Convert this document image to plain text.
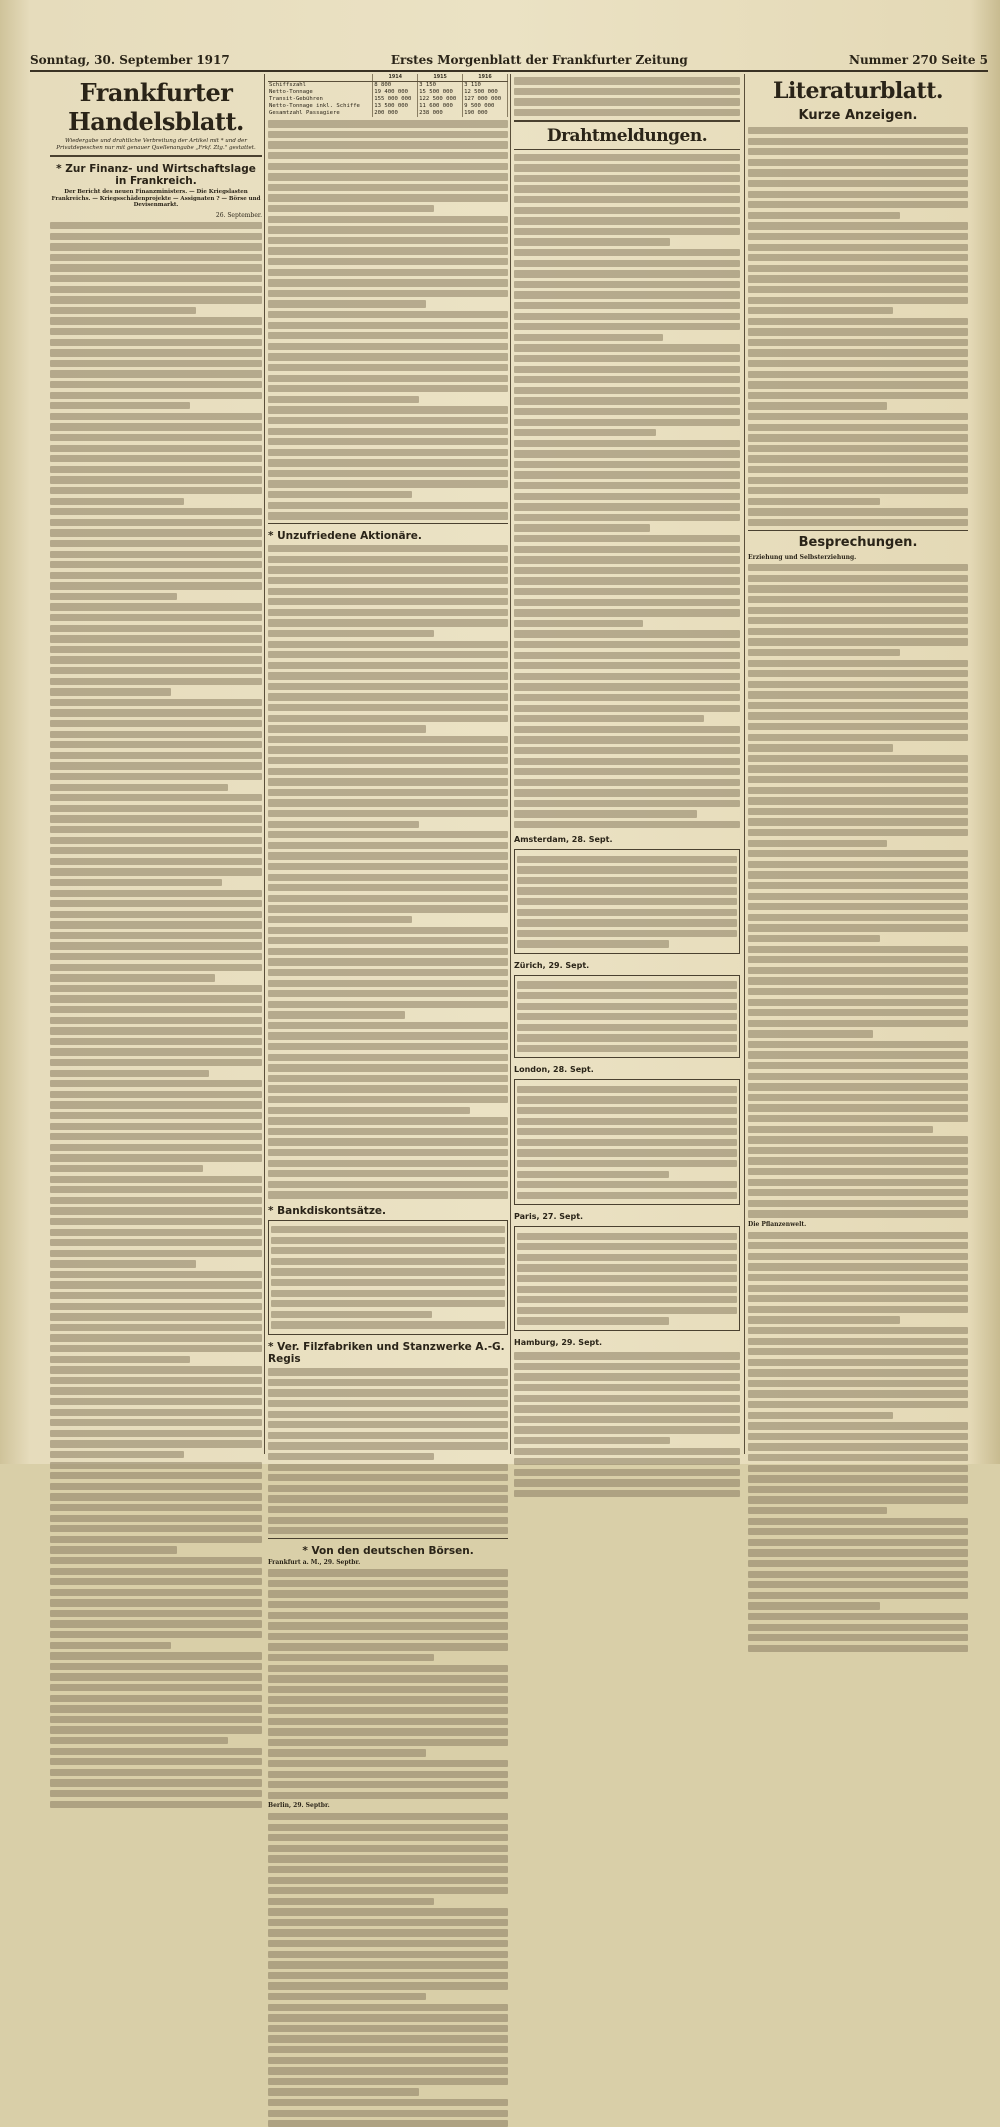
Sonntag, 30. September 1917	Erstes Morgenblatt der Frankfurter Zeitung	Nummer 270 Seite 5
Frankfurter Handelsblatt.
Wiedergabe und drahtliche Verbreitung der Artikel mit * und der Privatdepeschen nur mit genauer Quellenangabe „Frkf. Ztg." gestattet.
* Zur Finanz- und Wirtschaftslage in Frankreich.
Der Bericht des neuen Finanzministers. — Die Kriegslasten Frankreichs. — Kriegsschädenprojekte — Assignaten ? — Börse und Devisenmarkt.
26. September.
	1914	1915	1916
Schiffszahl	8 800	3 150	3 110
Netto-Tonnage	19 400 000	15 500 000	12 500 000
Transit-Gebühren	155 000 000	122 500 000	127 000 000
Netto-Tonnage inkl. Schiffe	13 500 000	11 600 000	9 500 000
Gesamtzahl Passagiere	200 000	238 000	190 000
* Unzufriedene Aktionäre.
* Bankdiskontsätze.
* Ver. Filzfabriken und Stanzwerke A.-G. Regis
* Von den deutschen Börsen.
Frankfurt a. M., 29. Septbr.
Berlin, 29. Septbr.
Drahtmeldungen.
Amsterdam, 28. Sept.
Zürich, 29. Sept.
London, 28. Sept.
Paris, 27. Sept.
Hamburg, 29. Sept.
Literaturblatt.
Kurze Anzeigen.
Besprechungen.
Erziehung und Selbsterziehung.
Die Pflanzenwelt.
